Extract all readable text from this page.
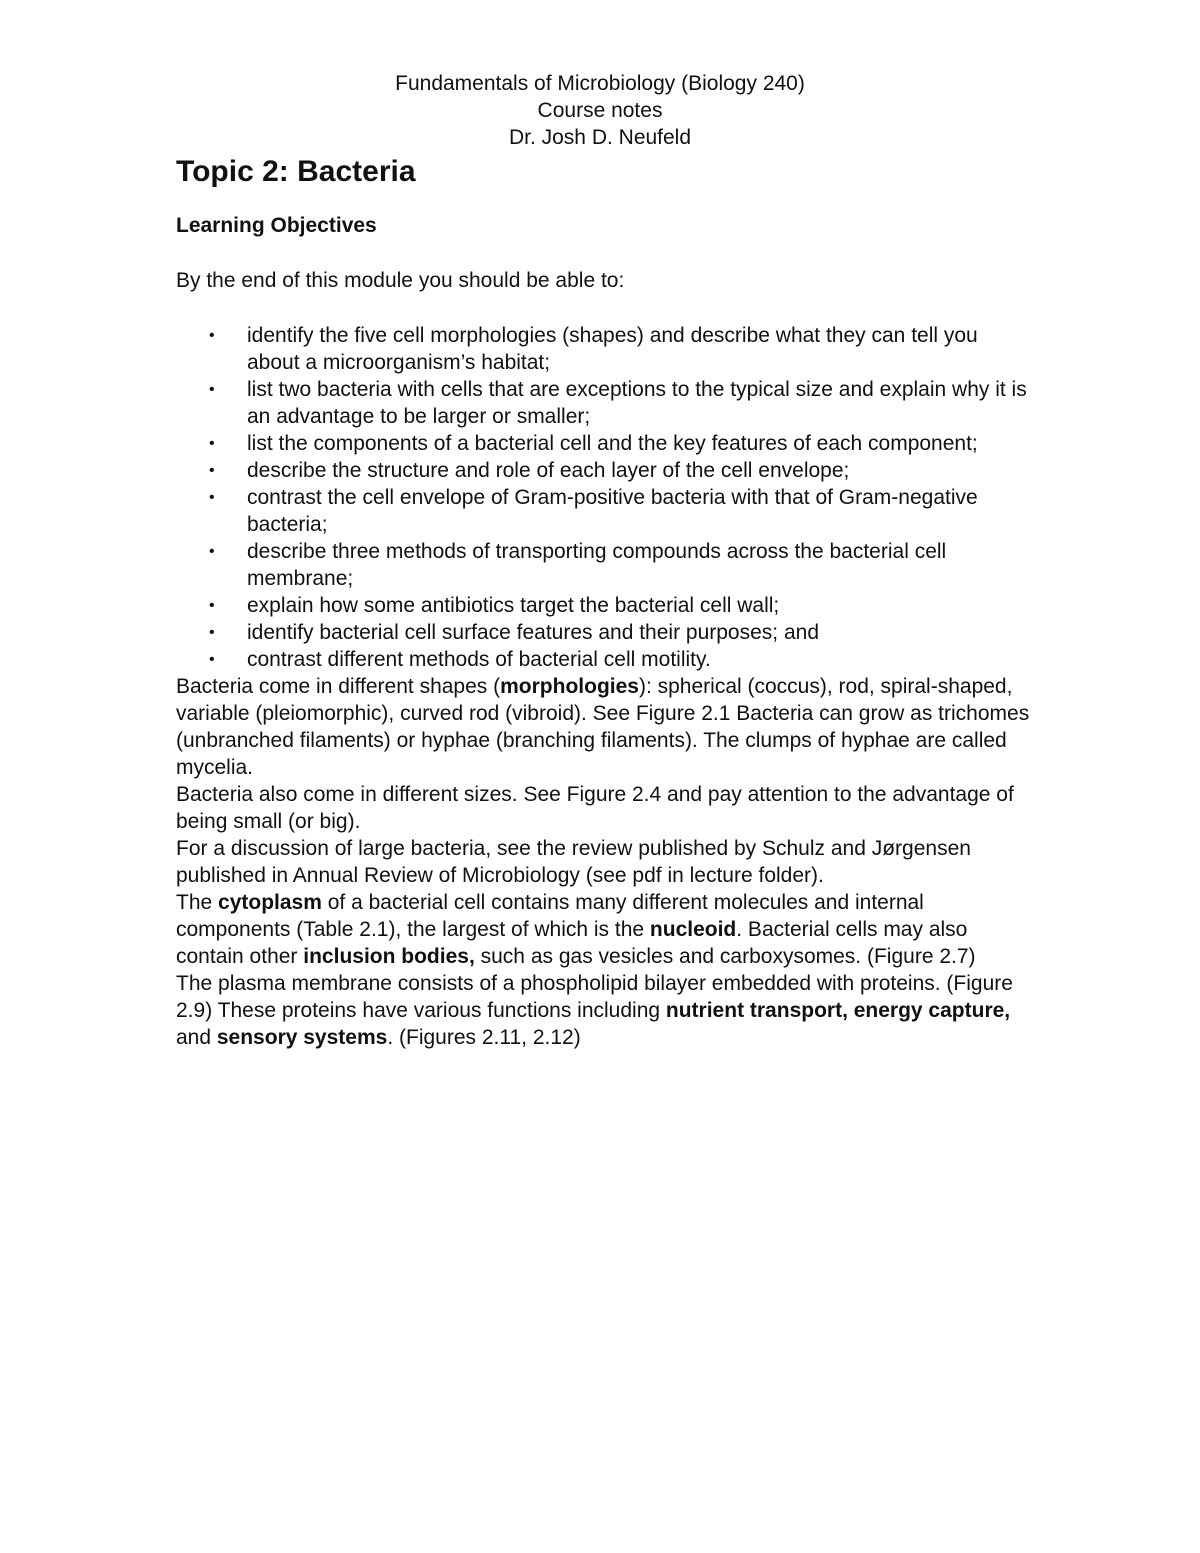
Fundamentals of Microbiology (Biology 240)
Course notes
Dr. Josh D. Neufeld
Topic 2: Bacteria
Learning Objectives
By the end of this module you should be able to:
• identify the five cell morphologies (shapes) and describe what they can tell you about a microorganism’s habitat;
• list two bacteria with cells that are exceptions to the typical size and explain why it is an advantage to be larger or smaller;
• list the components of a bacterial cell and the key features of each component;
• describe the structure and role of each layer of the cell envelope;
• contrast the cell envelope of Gram-positive bacteria with that of Gram-negative bacteria;
• describe three methods of transporting compounds across the bacterial cell membrane;
• explain how some antibiotics target the bacterial cell wall;
• identify bacterial cell surface features and their purposes; and
• contrast different methods of bacterial cell motility.

Bacteria come in different shapes (morphologies): spherical (coccus), rod, spiral-shaped, variable (pleiomorphic), curved rod (vibroid). See Figure 2.1 Bacteria can grow as trichomes (unbranched filaments) or hyphae (branching filaments). The clumps of hyphae are called mycelia.

Bacteria also come in different sizes. See Figure 2.4 and pay attention to the advantage of being small (or big).

For a discussion of large bacteria, see the review published by Schulz and Jørgensen published in Annual Review of Microbiology (see pdf in lecture folder).

The cytoplasm of a bacterial cell contains many different molecules and internal components (Table 2.1), the largest of which is the nucleoid. Bacterial cells may also contain other inclusion bodies, such as gas vesicles and carboxysomes. (Figure 2.7)

The plasma membrane consists of a phospholipid bilayer embedded with proteins. (Figure 2.9) These proteins have various functions including nutrient transport, energy capture, and sensory systems. (Figures 2.11, 2.12)
